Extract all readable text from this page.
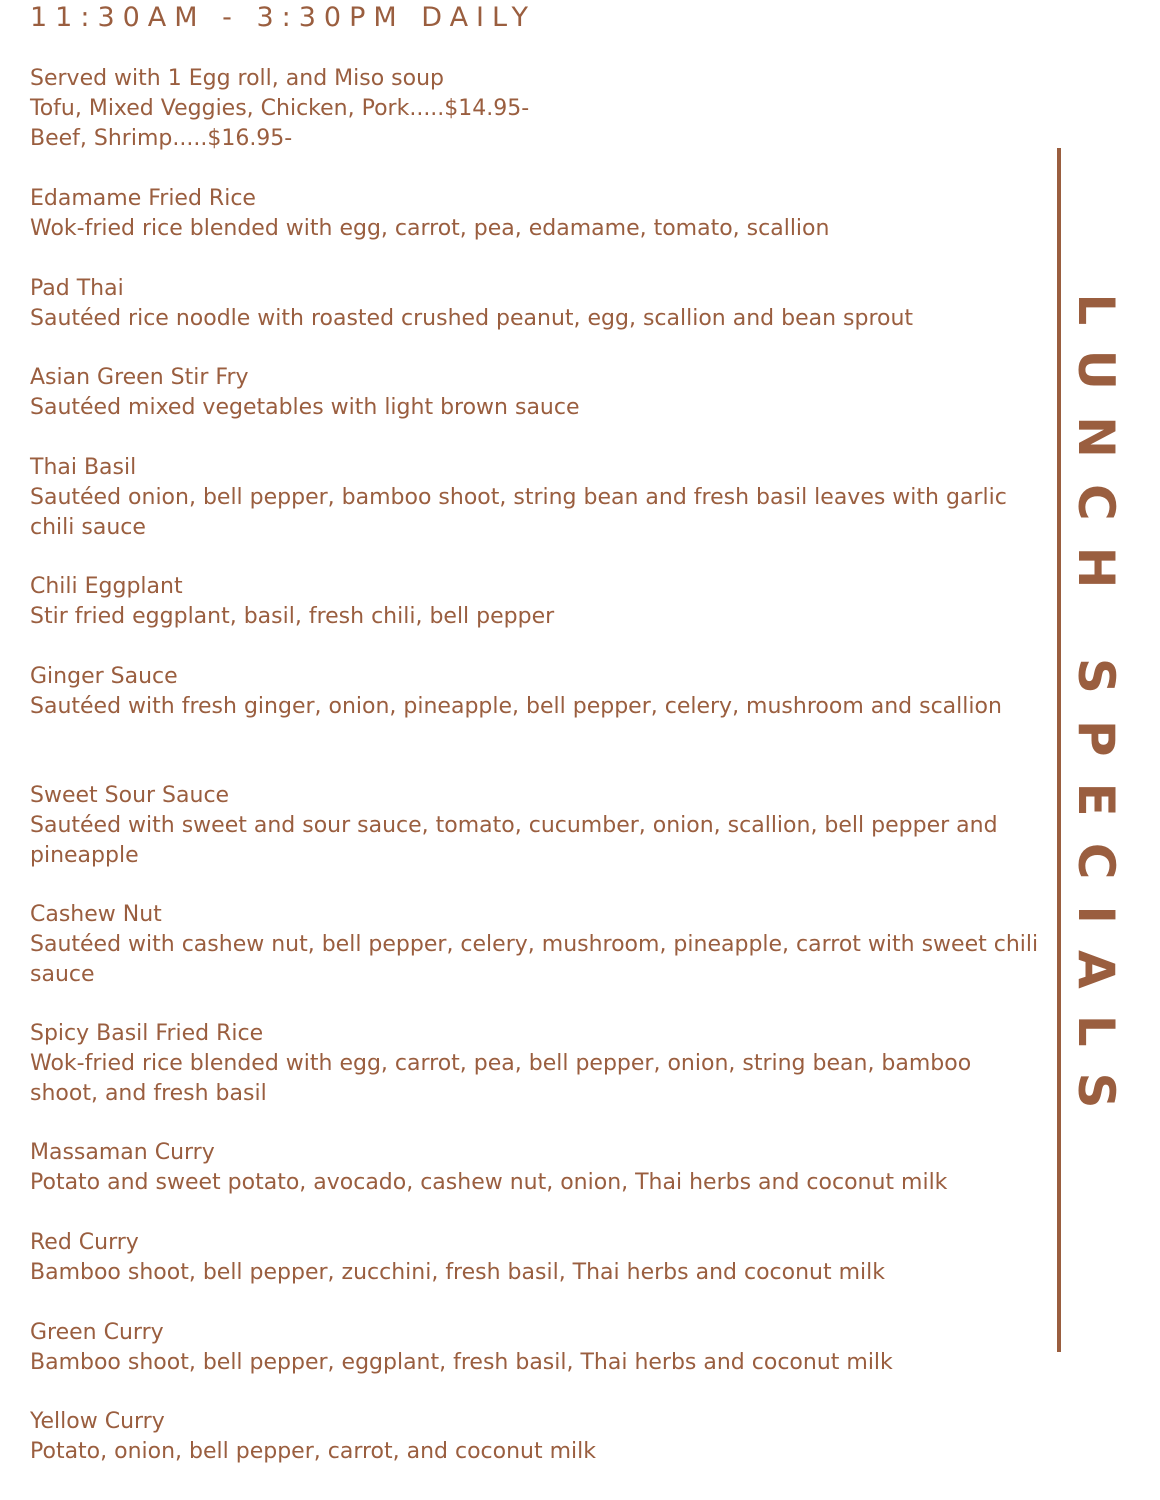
11:30AM - 3:30PM DAILY
Served with 1 Egg roll, and Miso soup
Tofu, Mixed Veggies, Chicken, Pork.....$14.95-
Beef, Shrimp.....$16.95-
Edamame Fried Rice
Wok-fried rice blended with egg, carrot, pea, edamame, tomato, scallion
Pad Thai
Sautéed rice noodle with roasted crushed peanut, egg, scallion and bean sprout
Asian Green Stir Fry
Sautéed mixed vegetables with light brown sauce
Thai Basil
Sautéed onion, bell pepper, bamboo shoot, string bean and fresh basil leaves with garlic chili sauce
Chili Eggplant
Stir fried eggplant, basil, fresh chili, bell pepper
Ginger Sauce
Sautéed with fresh ginger, onion, pineapple, bell pepper, celery, mushroom and scallion
Sweet Sour Sauce
Sautéed with sweet and sour sauce, tomato, cucumber, onion, scallion, bell pepper and pineapple
Cashew Nut
Sautéed with cashew nut, bell pepper, celery, mushroom, pineapple, carrot with sweet chili sauce
Spicy Basil Fried Rice
Wok-fried rice blended with egg, carrot, pea, bell pepper, onion, string bean, bamboo shoot, and fresh basil
Massaman Curry
Potato and sweet potato, avocado, cashew nut, onion, Thai herbs and coconut milk
Red Curry
Bamboo shoot, bell pepper, zucchini, fresh basil, Thai herbs and coconut milk
Green Curry
Bamboo shoot, bell pepper, eggplant, fresh basil, Thai herbs and coconut milk
Yellow Curry
Potato, onion, bell pepper, carrot, and coconut milk
LUNCH SPECIALS
